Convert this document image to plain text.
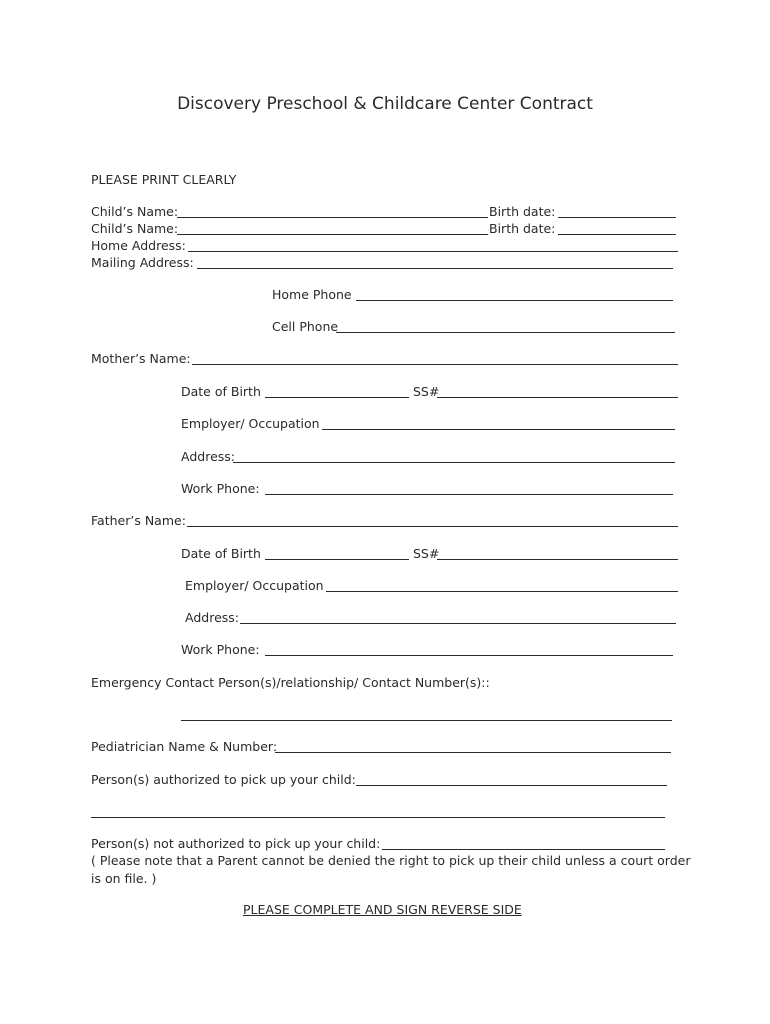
Discovery Preschool & Childcare Center Contract
PLEASE PRINT CLEARLY
Child’s Name:	Birth date:
Child’s Name:	Birth date:
Home Address:
Mailing Address:
Home Phone
Cell Phone
Mother’s Name:
Date of Birth	SS#
Employer/ Occupation
Address:
Work Phone:
Father’s Name:
Date of Birth	SS#
Employer/ Occupation
Address:
Work Phone:
Emergency Contact Person(s)/relationship/ Contact Number(s)::
Pediatrician Name & Number:
Person(s) authorized to pick up your child:
Person(s) not authorized to pick up your child:
( Please note that a Parent cannot be denied the right to pick up their child unless a court order is on file. )
PLEASE COMPLETE AND SIGN REVERSE SIDE
